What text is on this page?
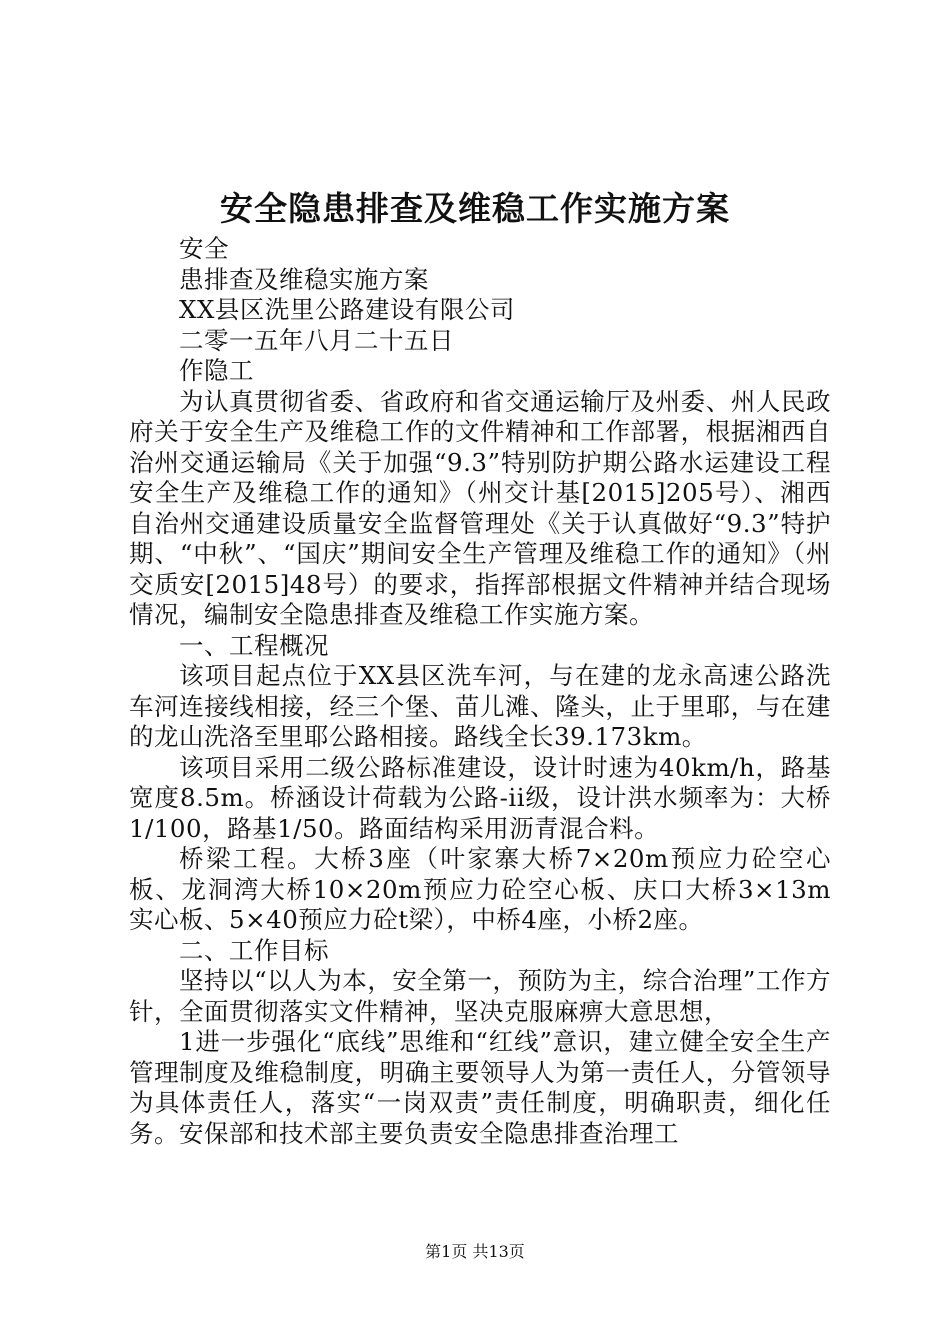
安全隐患排查及维稳工作实施方案

安全

患排查及维稳实施方案

XX县区洗里公路建设有限公司

二零一五年八月二十五日

作隐工

为认真贯彻省委、省政府和省交通运输厅及州委、州人民政府关于安全生产及维稳工作的文件精神和工作部署，根据湘西自治州交通运输局《关于加强“9.3”特别防护期公路水运建设工程安全生产及维稳工作的通知》（州交计基[2015]205号）、湘西自治州交通建设质量安全监督管理处《关于认真做好“9.3”特护期、“中秋”、“国庆”期间安全生产管理及维稳工作的通知》（州交质安[2015]48号）的要求，指挥部根据文件精神并结合现场情况，编制安全隐患排查及维稳工作实施方案。

一、工程概况

该项目起点位于XX县区洗车河，与在建的龙永高速公路洗车河连接线相接，经三个堡、苗儿滩、隆头，止于里耶，与在建的龙山洗洛至里耶公路相接。路线全长39.173km。

该项目采用二级公路标准建设，设计时速为40km/h，路基宽度8.5m。桥涵设计荷载为公路-ii级，设计洪水频率为：大桥1/100，路基1/50。路面结构采用沥青混合料。

桥梁工程。大桥3座（叶家寨大桥7×20m预应力砼空心板、龙洞湾大桥10×20m预应力砼空心板、庆口大桥3×13m实心板、5×40预应力砼t梁），中桥4座，小桥2座。

二、工作目标

坚持以“以人为本，安全第一，预防为主，综合治理”工作方针，全面贯彻落实文件精神，坚决克服麻痹大意思想，

1进一步强化“底线”思维和“红线”意识，建立健全安全生产管理制度及维稳制度，明确主要领导人为第一责任人，分管领导为具体责任人，落实“一岗双责”责任制度，明确职责，细化任务。安保部和技术部主要负责安全隐患排查治理工

第1页 共13页
